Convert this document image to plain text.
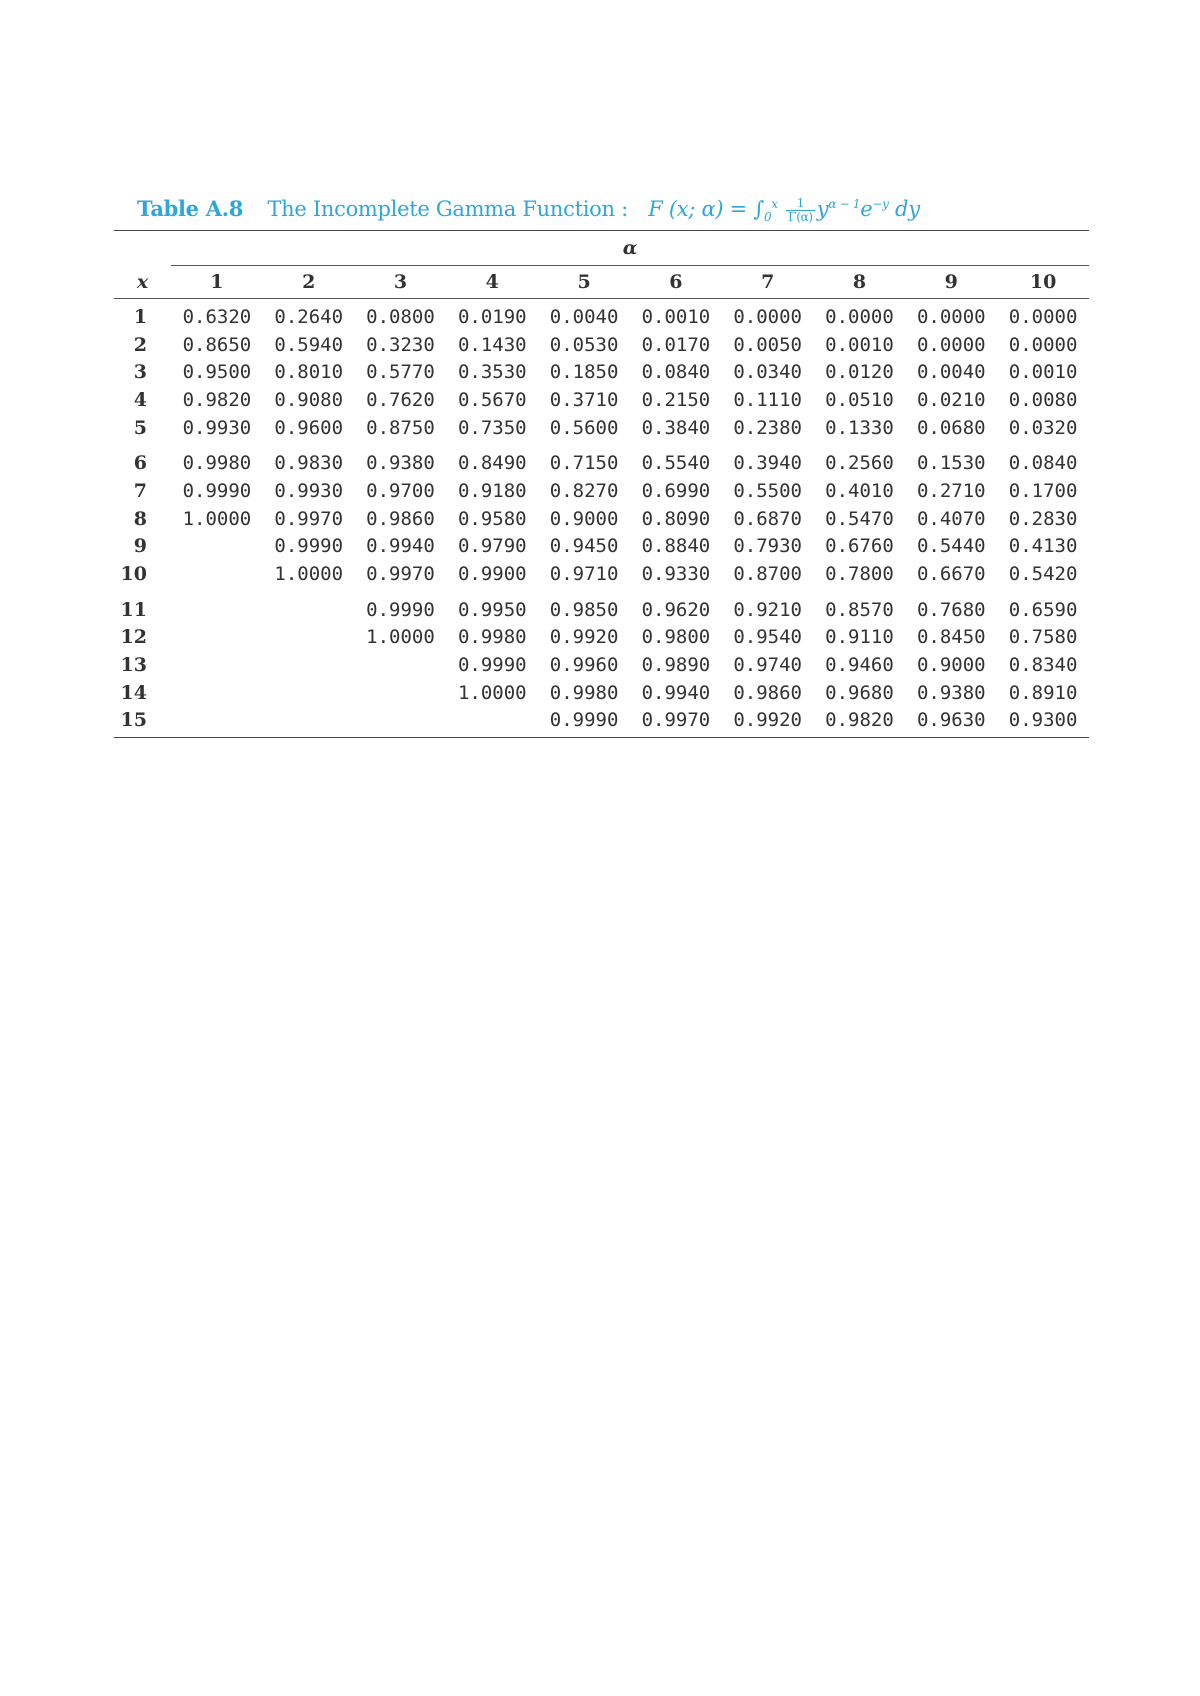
Table A.8 The Incomplete Gamma Function : F (x; $\alpha) = \int_0^x \frac{1}{\Gamma(\alpha)} y^{\alpha - 1}e^{-y}$ dy
	α									
x	1	2	3	4	5	6	7	8	9	10
1	0.6320	0.2640	0.0800	0.0190	0.0040	0.0010	0.0000	0.0000	0.0000	0.0000
2	0.8650	0.5940	0.3230	0.1430	0.0530	0.0170	0.0050	0.0010	0.0000	0.0000
3	0.9500	0.8010	0.5770	0.3530	0.1850	0.0840	0.0340	0.0120	0.0040	0.0010
4	0.9820	0.9080	0.7620	0.5670	0.3710	0.2150	0.1110	0.0510	0.0210	0.0080
5	0.9930	0.9600	0.8750	0.7350	0.5600	0.3840	0.2380	0.1330	0.0680	0.0320
6	0.9980	0.9830	0.9380	0.8490	0.7150	0.5540	0.3940	0.2560	0.1530	0.0840
7	0.9990	0.9930	0.9700	0.9180	0.8270	0.6990	0.5500	0.4010	0.2710	0.1700
8	1.0000	0.9970	0.9860	0.9580	0.9000	0.8090	0.6870	0.5470	0.4070	0.2830
9		0.9990	0.9940	0.9790	0.9450	0.8840	0.7930	0.6760	0.5440	0.4130
10		1.0000	0.9970	0.9900	0.9710	0.9330	0.8700	0.7800	0.6670	0.5420
11			0.9990	0.9950	0.9850	0.9620	0.9210	0.8570	0.7680	0.6590
12			1.0000	0.9980	0.9920	0.9800	0.9540	0.9110	0.8450	0.7580
13				0.9990	0.9960	0.9890	0.9740	0.9460	0.9000	0.8340
14				1.0000	0.9980	0.9940	0.9860	0.9680	0.9380	0.8910
15					0.9990	0.9970	0.9920	0.9820	0.9630	0.9300
